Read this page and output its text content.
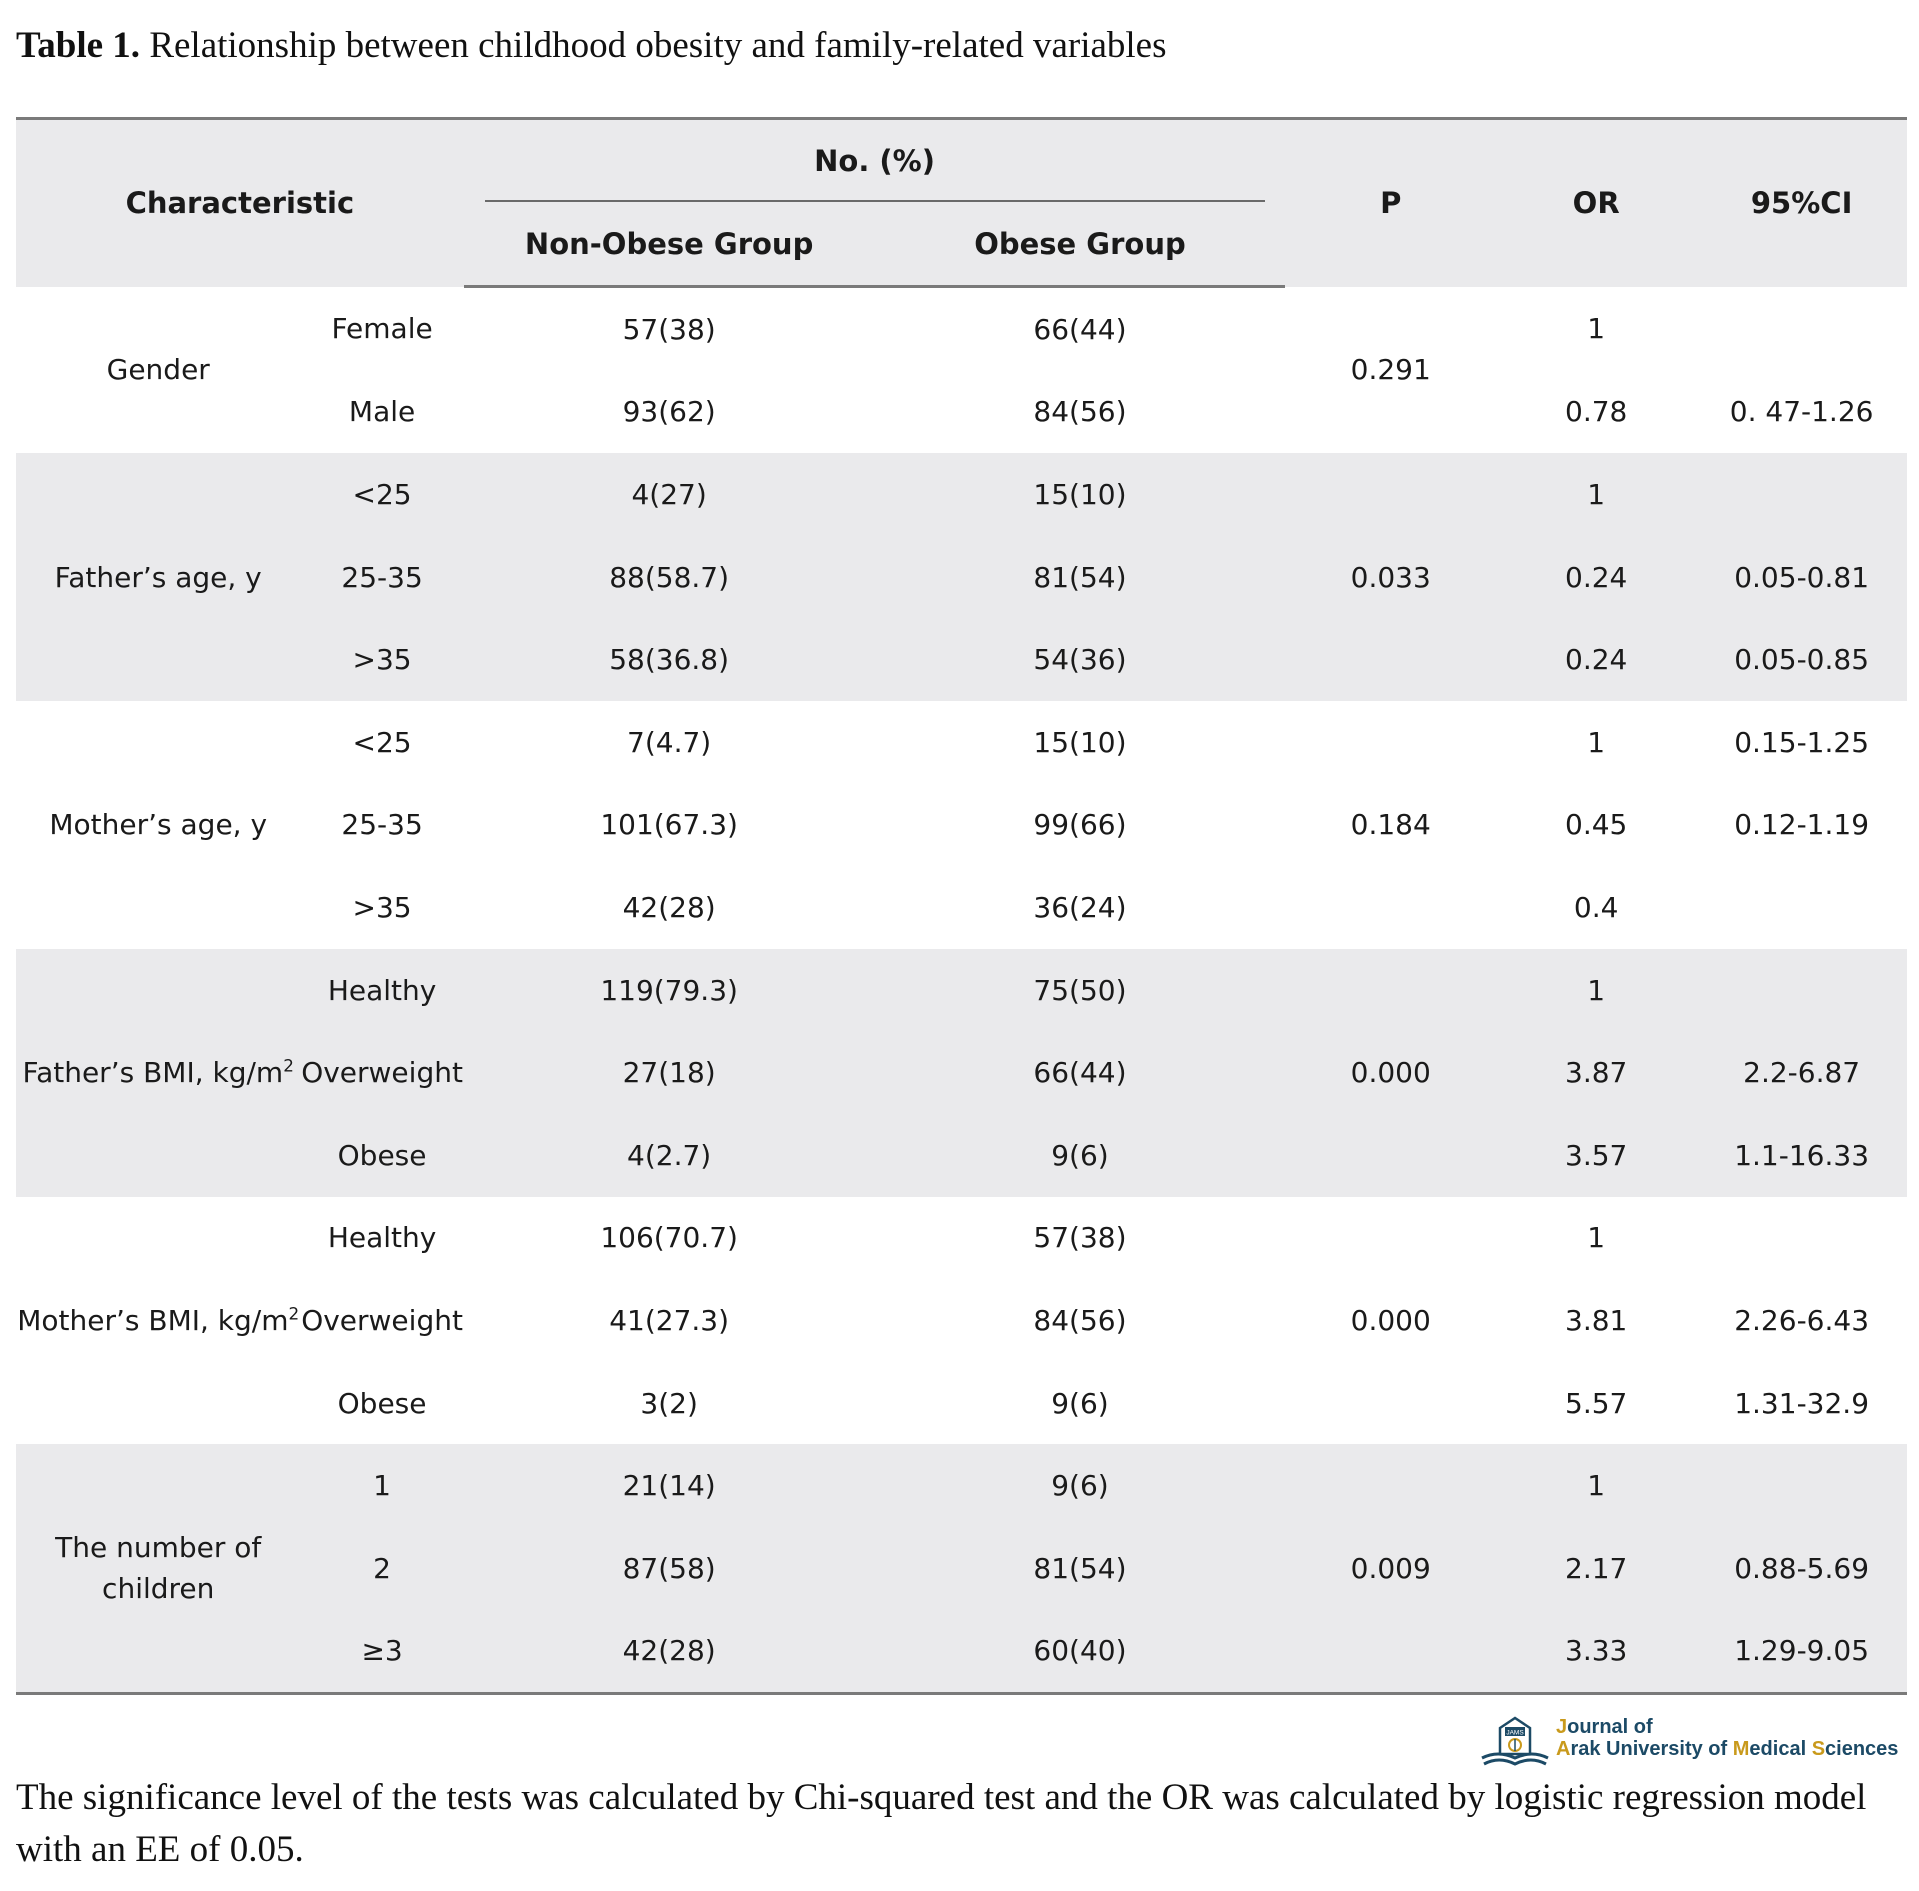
Table 1. Relationship between childhood obesity and family-related variables
Characteristic		No. (%)		P	OR	95%CI
		Non-Obese Group	Obese Group			
Gender	Female	57(38)	66(44)	0.291	1	
	Male	93(62)	84(56)		0.78	0. 47-1.26
Father’s age, y	<25	4(27)	15(10)	0.033	1	
	25-35	88(58.7)	81(54)		0.24	0.05-0.81
	>35	58(36.8)	54(36)		0.24	0.05-0.85
Mother’s age, y	<25	7(4.7)	15(10)	0.184	1	0.15-1.25
	25-35	101(67.3)	99(66)		0.45	0.12-1.19
	>35	42(28)	36(24)		0.4	
Father’s BMI, $kg/m^2$	Healthy	119(79.3)	75(50)	0.000	1	
	Overweight	27(18)	66(44)		3.87	2.2-6.87
	Obese	4(2.7)	9(6)		3.57	1.1-16.33
Mother’s BMI, $kg/m^2$	Healthy	106(70.7)	57(38)	0.000	1	
	Overweight	41(27.3)	84(56)		3.81	2.26-6.43
	Obese	3(2)	9(6)		5.57	1.31-32.9

The number of children	1	21(14)	9(6)	0.009	1	
	2	87(58)	81(54)		2.17	0.88-5.69
	≥3	42(28)	60(40)		3.33	1.29-9.05
JAMS Journal of
Arak University of Medical Sciences
The significance level of the tests was calculated by Chi-squared test and the OR was calculated by logistic regression model with an EE of 0.05.
